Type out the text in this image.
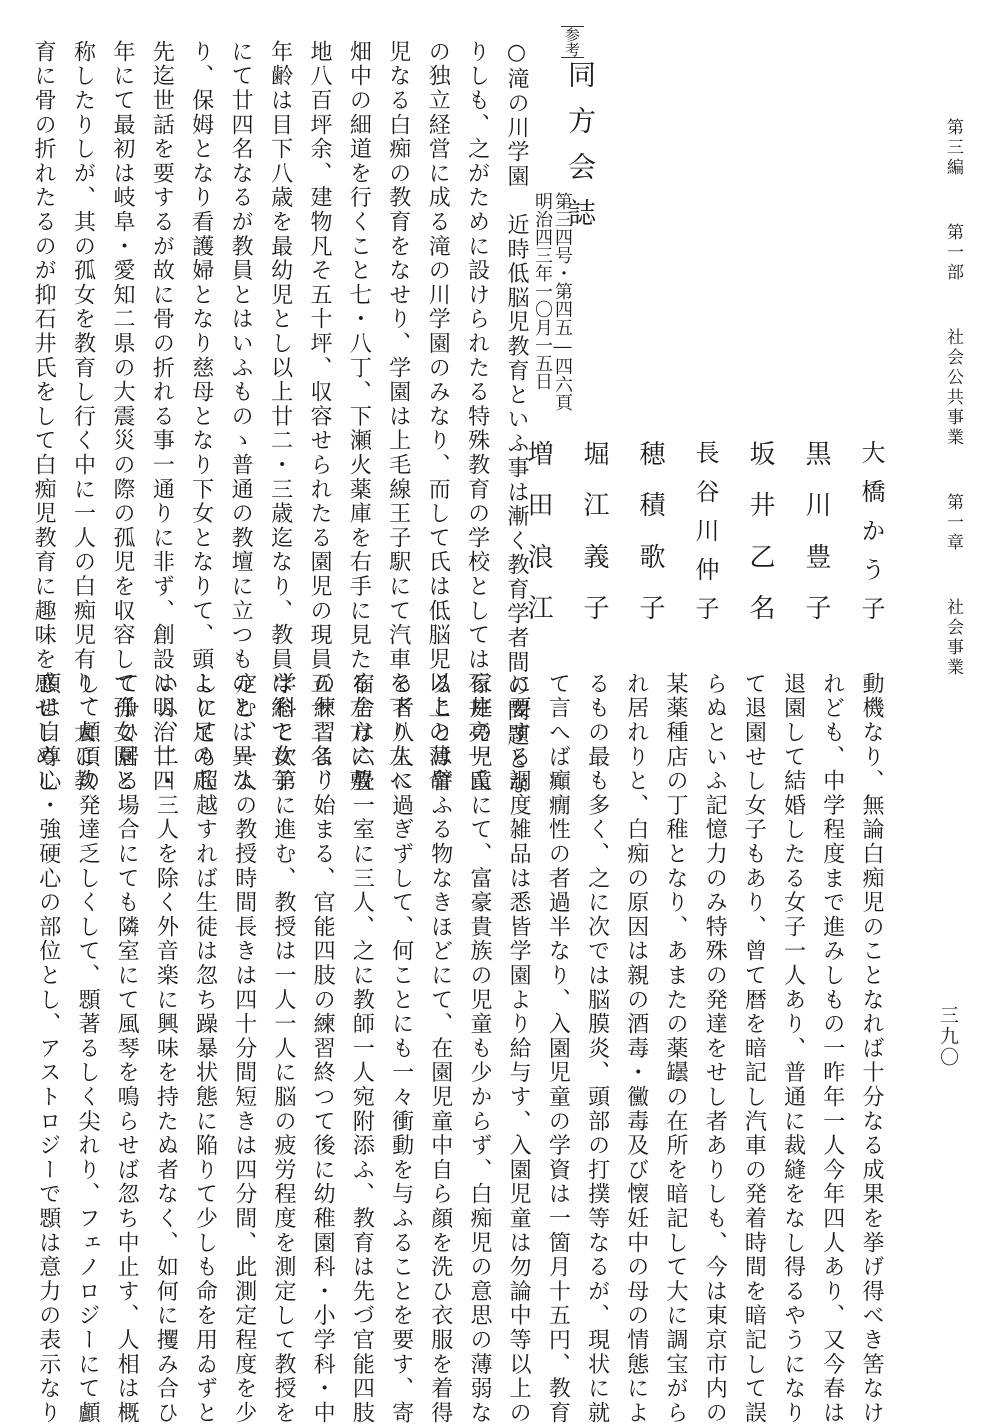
第三編 第一部 社会公共事業 第一章 社会事業
三九〇
大
橋
か
う
子
黒
川
豊
子
坂
井
乙
名
長
谷
川
仲
子
穂
積
歌
子
堀
江
義
子
増
田
浪
江
参考
同方会誌
第三四号・第四五―四六頁
明治四三年一〇月一五日
○滝の川学園　近時低脳児教育といふ事は漸く教育学者間の問題とな
りしも、之がために設けられたる特殊教育の学校としては石井亮一氏
の独立経営に成る滝の川学園のみなり、而して氏は低脳児以上の薄命
児なる白痴の教育をなせり、学園は上毛線王子駅にて汽車を下り左へ
畑中の細道を行くこと七・八丁、下瀬火薬庫を右手に見たる左方に敷
地八百坪余、建物凡そ五十坪、収容せられたる園児の現員五十二名、
年齢は目下八歳を最幼児とし以上廿二・三歳迄なり、教員は総て女子
にて廿四名なるが教員とはいふものゝ普通の教壇に立つものとは異な
り、保姆となり看護婦となり慈母となり下女となりて、頭より足の爪
先迄世話を要するが故に骨の折れる事一通りに非ず、創設は明治廿四
年にて最初は岐阜・愛知二県の大震災の際の孤児を収容して孤女園と
称したりしが、其の孤女を教育し行く中に一人の白痴児有り、大に教
育に骨の折れたるのが抑石井氏をして白痴児教育に趣味を感ぜしめし
動機なり、無論白痴児のことなれば十分なる成果を挙げ得べき筈なけ
れども、中学程度まで進みしもの一昨年一人今年四人あり、又今春は
退園して結婚したる女子一人あり、普通に裁縫をなし得るやうになり
て退園せし女子もあり、曾て暦を暗記し汽車の発着時間を暗記して誤
らぬといふ記憶力のみ特殊の発達をせし者ありしも、今は東京市内の
某薬種店の丁稚となり、あまたの薬罎の在所を暗記して大に調宝がら
れ居れりと、白痴の原因は親の酒毒・黴毒及び懐妊中の母の情態によ
るもの最も多く、之に次では脳膜炎、頭部の打撲等なるが、現状に就
て言へば癲癇性の者過半なり、入園児童の学資は一箇月十五円、教育
に要する調度雑品は悉皆学園より給与す、入園児童は勿論中等以上の
家庭の児童にて、富豪貴族の児童も少からず、白痴児の意思の薄弱な
ることは譬ふる物なきほどにて、在園児童中自ら顔を洗ひ衣服を着得
る者八人に過ぎずして、何ことにも一々衝動を与ふることを要す、寄
宿舎は六畳一室に三人、之に教師一人宛附添ふ、教育は先づ官能四肢
の練習より始まる、官能四肢の練習終つて後に幼稚園科・小学科・中
学科と次第に進む、教授は一人一人に脳の疲労程度を測定して教授を
定む、一人の教授時間長きは四十分間短きは四分間、此測定程度を少
しにても超越すれば生徒は忽ち躁暴状態に陥りて少しも命を用ゐずと
いふ、二・三人を除く外音楽に興味を持たぬ者なく、如何に攫み合ひ
て争ひ居る場合にても隣室にて風琴を鳴らせば忽ち中止す、人相は概
して顱頂の発達乏しくして、顋著るしく尖れり、フェノロジーにて顱
頂は自尊心・強硬心の部位とし、アストロジーで顋は意力の表示なり
